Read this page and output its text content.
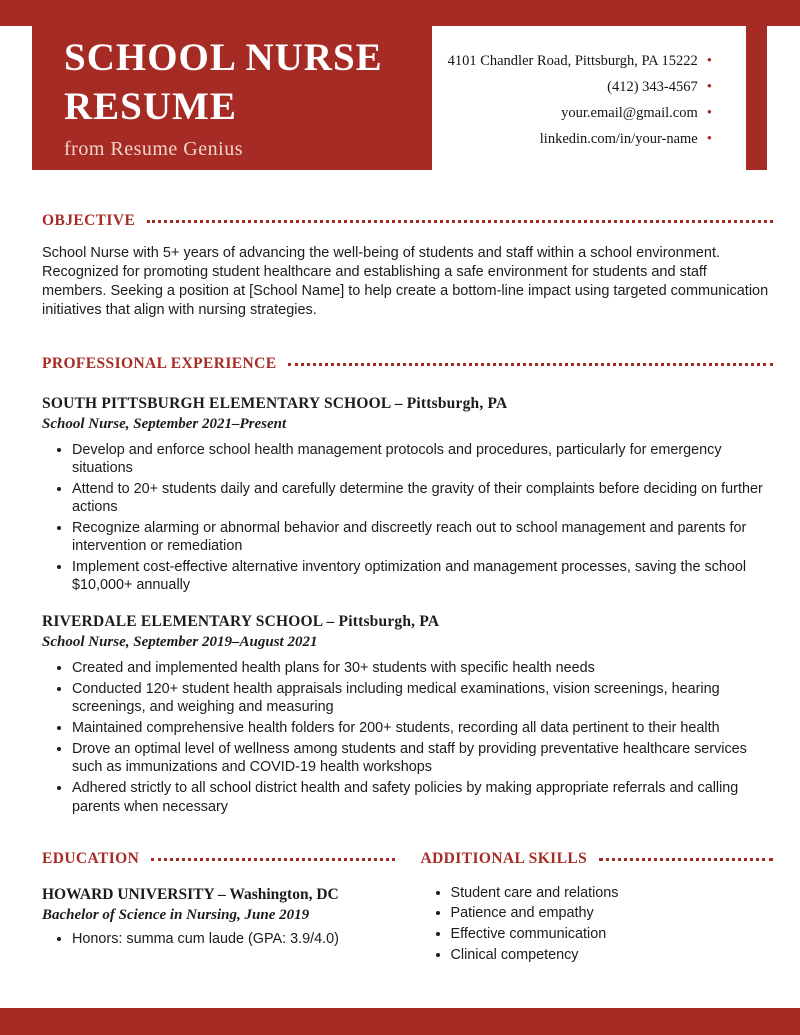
SCHOOL NURSE
RESUME
from Resume Genius
4101 Chandler Road, Pittsburgh, PA 15222 •
(412) 343-4567 •
your.email@gmail.com •
linkedin.com/in/your-name •
OBJECTIVE

School Nurse with 5+ years of advancing the well-being of students and staff within a school environment. Recognized for promoting student healthcare and establishing a safe environment for students and staff members. Seeking a position at [School Name] to help create a bottom-line impact using targeted communication initiatives that align with nursing strategies.

PROFESSIONAL EXPERIENCE
SOUTH PITTSBURGH ELEMENTARY SCHOOL – Pittsburgh, PA
School Nurse, September 2021–Present
• Develop and enforce school health management protocols and procedures, particularly for emergency situations
• Attend to 20+ students daily and carefully determine the gravity of their complaints before deciding on further actions
• Recognize alarming or abnormal behavior and discreetly reach out to school management and parents for intervention or remediation
• Implement cost-effective alternative inventory optimization and management processes, saving the school $10,000+ annually
RIVERDALE ELEMENTARY SCHOOL – Pittsburgh, PA
School Nurse, September 2019–August 2021
• Created and implemented health plans for 30+ students with specific health needs
• Conducted 120+ student health appraisals including medical examinations, vision screenings, hearing screenings, and weighing and measuring
• Maintained comprehensive health folders for 200+ students, recording all data pertinent to their health
• Drove an optimal level of wellness among students and staff by providing preventative healthcare services such as immunizations and COVID-19 health workshops
• Adhered strictly to all school district health and safety policies by making appropriate referrals and calling parents when necessary
EDUCATION
HOWARD UNIVERSITY – Washington, DC
Bachelor of Science in Nursing, June 2019
• Honors: summa cum laude (GPA: 3.9/4.0)
ADDITIONAL SKILLS
• Student care and relations
• Patience and empathy
• Effective communication
• Clinical competency
